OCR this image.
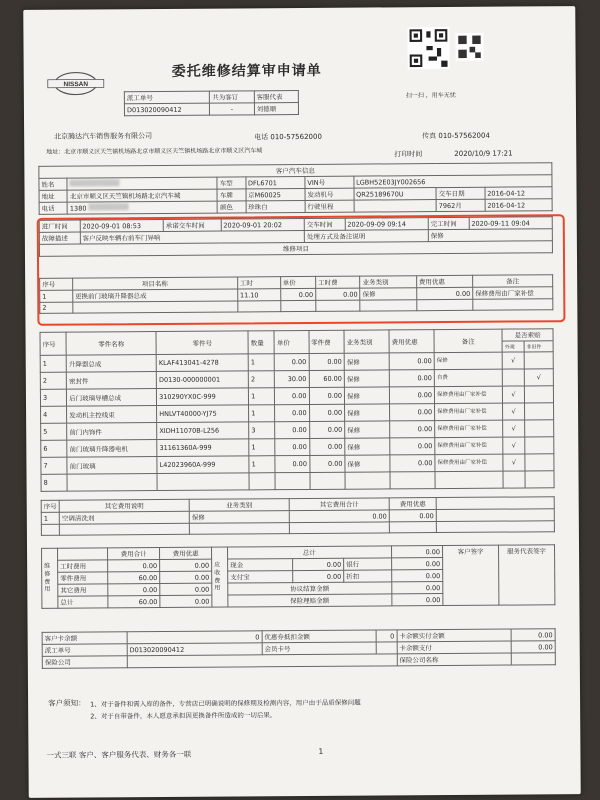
NISSAN
委托维修结算审申请单
扫一扫 ，用车无忧
派工单号	共为客订	客服代表
D013020090412	-	刘德顺
北京腾达汽车销售服务有限公司	电话 010-57562000	传真 010-57562004
地址：北京市顺义区天竺镇机场路北京市顺义区天竺镇机场路北京市顺义区汽车城	打印时间	2020/10/9 17:21
客户汽车信息							
姓名		车型	DFL6701	VIN号	LGBH52E03JY002656		
地址	北京市顺义区天竺镇机场路北京汽车城	车牌	京M60025	发动机号	QR25189670U	交车日期	2016-04-12
电话	1380	颜色	珍珠白	行驶里程		7962月	2016-04-12
进厂时间	2020-09-01 08:53	承诺交车时间	2020-09-01 20:02	交车时间	2020-09-09 09:14	完工时间	2020-09-11 09:04
故障描述	客户反映车辆右前车门异响			处理方式及备注说明		保修	
维修项目							
序号	项目名称	工时	单价	工时费	业务类别	费用优惠	备注
1	更换前门玻璃升降器总成	11.10	0.00	0.00	保修	0.00	保修费用由厂家补偿
2							
序号	零件名称	零件号	数量	单价	零件费	业务类别	费用优惠	备注	是否索赔	
									外观	非旧件
1	升降器总成	KLAF413041-4278	1	0.00	0.00	保修	0.00	保修	√	
2	密封件	D0130-000000001	2	30.00	60.00	保修	0.00	自费		√
3	后门玻璃导槽总成	310290YX0C-999	1	0.00	0.00	保修	0.00	保修费用由厂家补偿	√	
4	发动机主控线束	HNLVT40000-YJ75	1	0.00	0.00	保修	0.00	保修费用由厂家补偿	√	
5	前门内饰件	XIDH11070B-L256	3	0.00	0.00	保修	0.00	保修费用由厂家补偿	√	
6	前门玻璃升降器电机	31161360A-999	1	0.00	0.00	保修	0.00	保修费用由厂家补偿	√	
7	前门玻璃	L42023960A-999	1	0.00	0.00	保修	0.00	保修费用由厂家补偿	√	
8										
序号	其它费用说明	业务类别	其它费用合计	费用优惠	
1	空调清洗剂	保修	0.00	0.00	

维修费用		费用合计	费用优惠	应收费用	总计			0.00	客户签字	服务代表签字
	工时费用	0.00	0.00		现金	0.00	银行	0.00		
	零件费用	60.00	0.00		支付宝	0.00	折扣	0.00		
	其它费用	0.00	0.00		协议结算金额			0.00		
	总计	60.00	0.00		保险理赔金额			0.00		
客户卡余额	0	优惠券抵扣金额	0	卡余额实付金额	0.00
派工单号	D013020090412	会员卡号		卡余额支付	0.00
保险公司				保险公司名称	
客户须知： 1、对于备件和需入库的备件，专营店已明确说明的保修期及检测内容，用户由于品质保修问题
2、对于自带备件，本人愿意承担因更换备件所造成的一切后果。
一式三联 客户、客户服务代表、财务各一联	1
